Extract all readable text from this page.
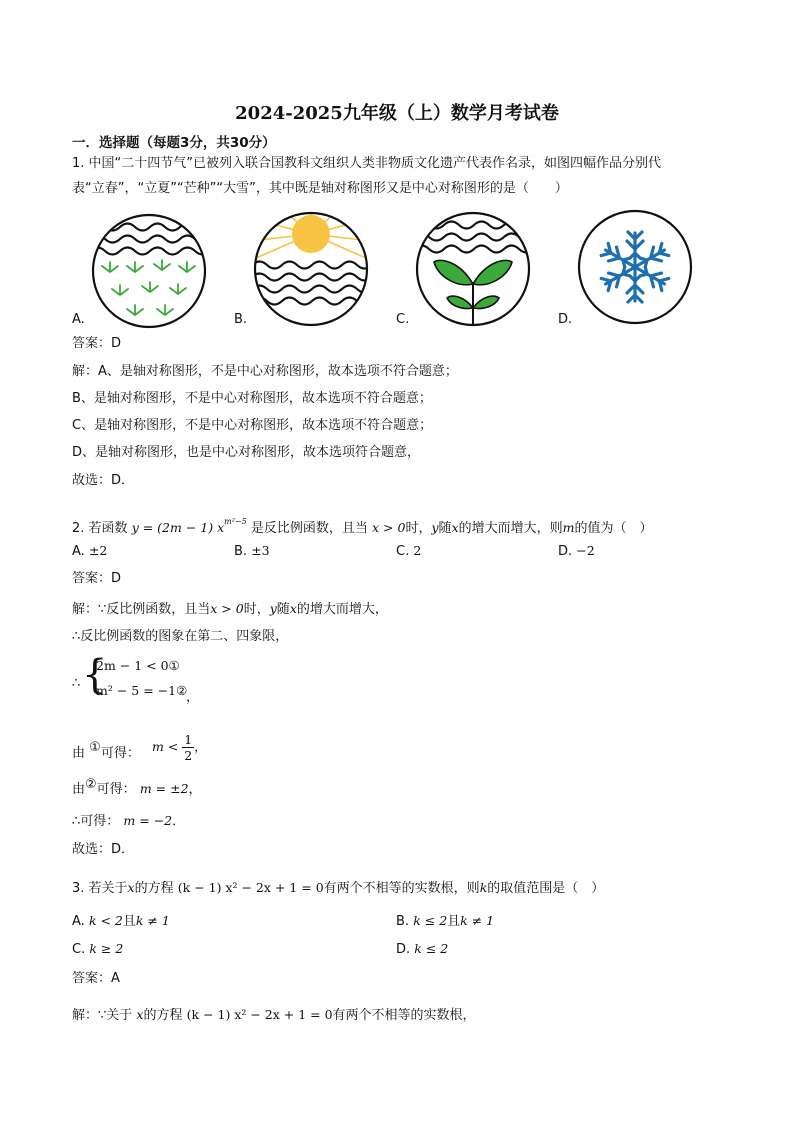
2024-2025九年级（上）数学月考试卷
一．选择题（每题3分，共30分）
1. 中国“二十四节气”已被列入联合国教科文组织人类非物质文化遗产代表作名录，如图四幅作品分别代
表“立春”，“立夏”“芒种”“大雪”，其中既是轴对称图形又是中心对称图形的是（　　）
A.	B.	C.	D.
答案：D
解：A、是轴对称图形，不是中心对称图形，故本选项不符合题意；
B、是轴对称图形，不是中心对称图形，故本选项不符合题意；
C、是轴对称图形，不是中心对称图形，故本选项不符合题意；
D、是轴对称图形，也是中心对称图形，故本选项符合题意，
故选：D．
2. 若函数 y = (2m − 1) $x^{m^2-5}$ 是反比例函数，且当 x > 0时，y随x的增大而增大，则m的值为（　）
A. ±2	B. ±3	C. 2	D. −2
答案：D
解：∵反比例函数，且当x > 0时，y随x的增大而增大，
∴反比例函数的图象在第二、四象限，
∴ {
2m − 1 < 0①
m² − 5 = −1②
，
由 ①可得： $m < \frac{1}{2}$ ，
由②可得： m = ±2，
∴可得： m = −2．
故选：D．
3. 若关于x的方程 (k − 1) x² − 2x + 1 = 0有两个不相等的实数根，则k的取值范围是（　）
A. k < 2且k ≠ 1	B. k ≤ 2且k ≠ 1
C. k ≥ 2	D. k ≤ 2
答案：A
解：∵关于 x的方程 (k − 1) x² − 2x + 1 = 0有两个不相等的实数根，
